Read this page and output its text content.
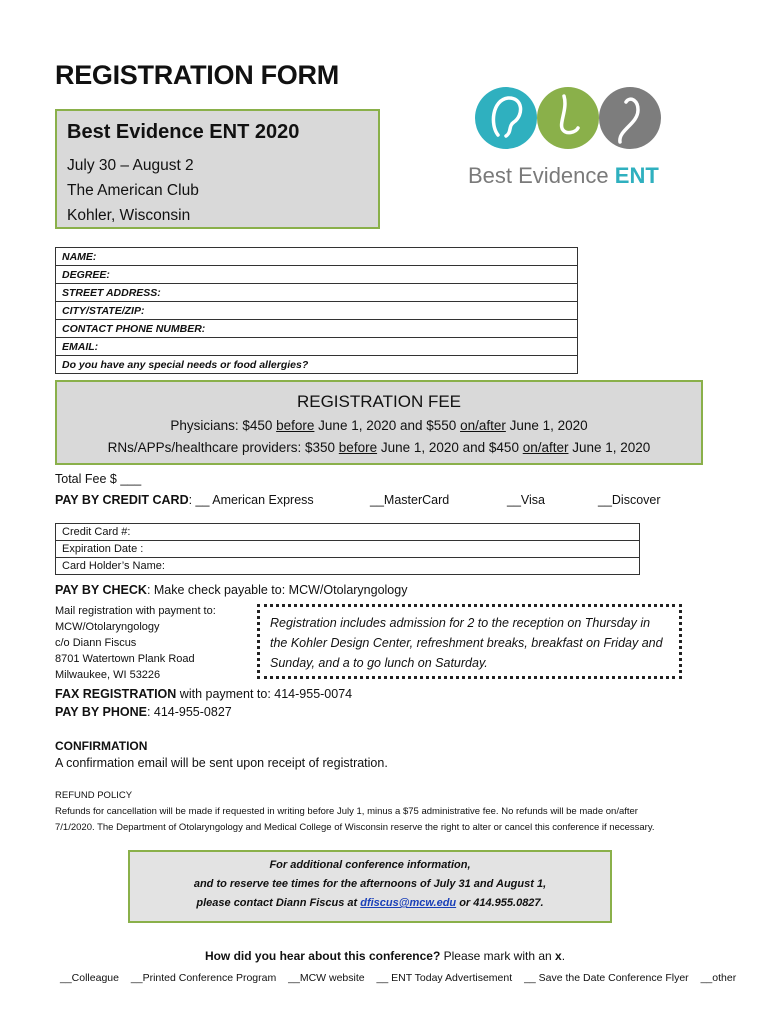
REGISTRATION FORM
Best Evidence ENT 2020
July 30 – August 2
The American Club
Kohler, Wisconsin
Best Evidence ENT
NAME:
DEGREE:
STREET ADDRESS:
CITY/STATE/ZIP:
CONTACT PHONE NUMBER:
EMAIL:
Do you have any special needs or food allergies?
REGISTRATION FEE
Physicians: $450 before June 1, 2020 and $550 on/after June 1, 2020
RNs/APPs/healthcare providers: $350 before June 1, 2020 and $450 on/after June 1, 2020
Total Fee $ ___
PAY BY CREDIT CARD: __ American Express	__MasterCard	__Visa	__Discover
Credit Card #:
Expiration Date :
Card Holder’s Name:
PAY BY CHECK: Make check payable to: MCW/Otolaryngology
Mail registration with payment to:
MCW/Otolaryngology
c/o Diann Fiscus
8701 Watertown Plank Road
Milwaukee, WI 53226
Registration includes admission for 2 to the reception on Thursday in
the Kohler Design Center, refreshment breaks, breakfast on Friday and
Sunday, and a to go lunch on Saturday.
FAX REGISTRATION with payment to: 414-955-0074
PAY BY PHONE: 414-955-0827
CONFIRMATION
A confirmation email will be sent upon receipt of registration.
REFUND POLICY
Refunds for cancellation will be made if requested in writing before July 1, minus a $75 administrative fee. No refunds will be made on/after
7/1/2020. The Department of Otolaryngology and Medical College of Wisconsin reserve the right to alter or cancel this conference if necessary.
For additional conference information,
and to reserve tee times for the afternoons of July 31 and August 1,
please contact Diann Fiscus at dfiscus@mcw.edu or 414.955.0827.
How did you hear about this conference? Please mark with an x.
__Colleague __Printed Conference Program __MCW website __ ENT Today Advertisement __ Save the Date Conference Flyer __other
